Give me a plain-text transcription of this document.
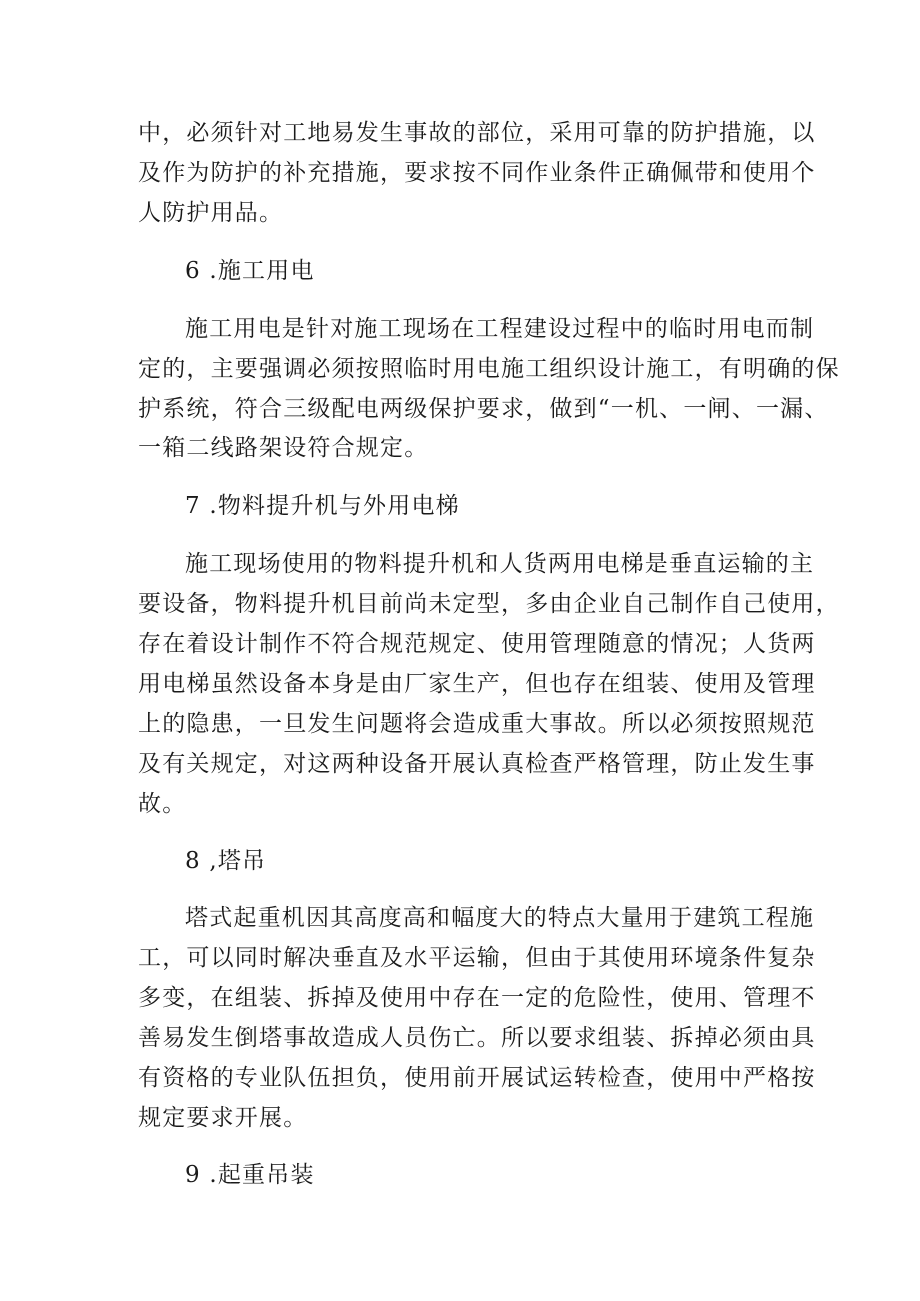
中，必须针对工地易发生事故的部位，采用可靠的防护措施，以
及作为防护的补充措施，要求按不同作业条件正确佩带和使用个
人防护用品。
6 .施工用电
施工用电是针对施工现场在工程建设过程中的临时用电而制
定的，主要强调必须按照临时用电施工组织设计施工，有明确的保
护系统，符合三级配电两级保护要求，做到“一机、一闸、一漏、
一箱二线路架设符合规定。
7 .物料提升机与外用电梯
施工现场使用的物料提升机和人货两用电梯是垂直运输的主
要设备，物料提升机目前尚未定型，多由企业自己制作自己使用，
存在着设计制作不符合规范规定、使用管理随意的情况；人货两
用电梯虽然设备本身是由厂家生产，但也存在组装、使用及管理
上的隐患，一旦发生问题将会造成重大事故。所以必须按照规范
及有关规定，对这两种设备开展认真检查严格管理，防止发生事
故。
8 ,塔吊
塔式起重机因其高度高和幅度大的特点大量用于建筑工程施
工，可以同时解决垂直及水平运输，但由于其使用环境条件复杂
多变，在组装、拆掉及使用中存在一定的危险性，使用、管理不
善易发生倒塔事故造成人员伤亡。所以要求组装、拆掉必须由具
有资格的专业队伍担负，使用前开展试运转检查，使用中严格按
规定要求开展。
9 .起重吊装
